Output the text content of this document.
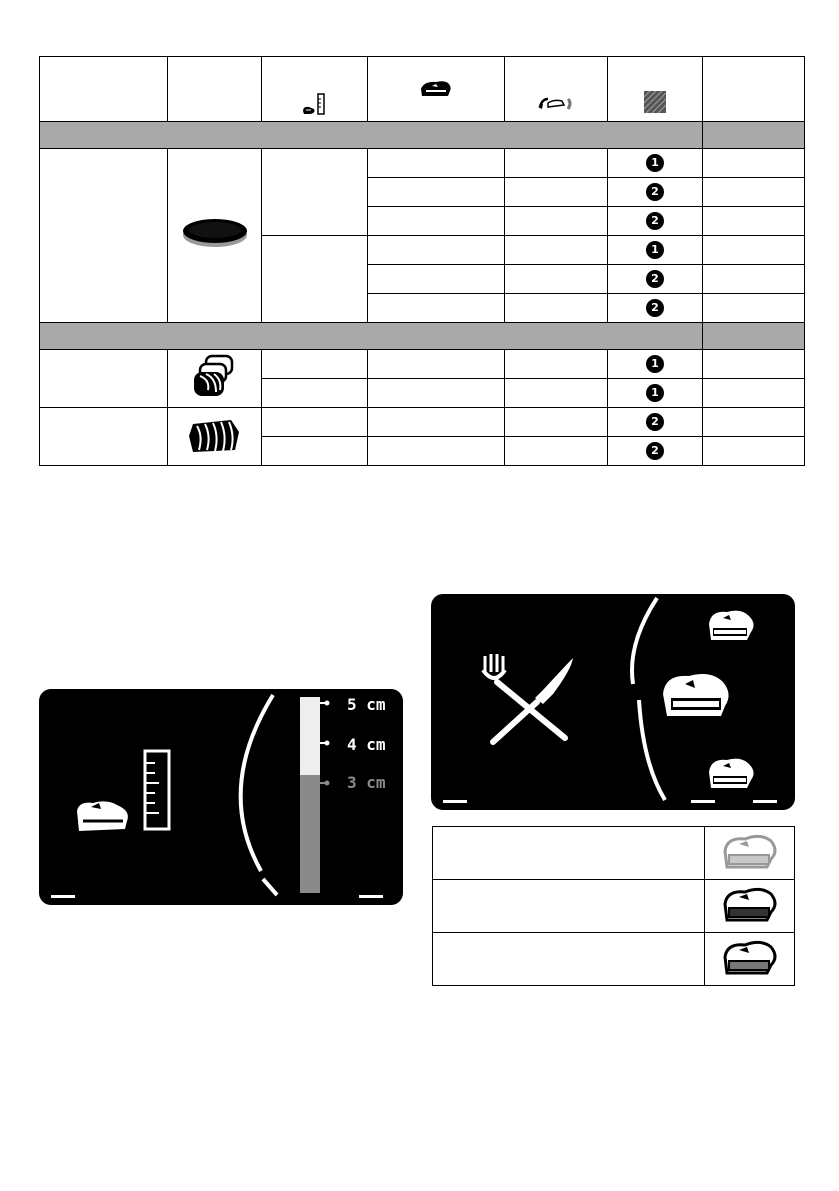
					1	
					2	
					2	
					1	
					2	
					2	

					1	
					1	
					2	
					2	
5 cm
4 cm
3 cm
